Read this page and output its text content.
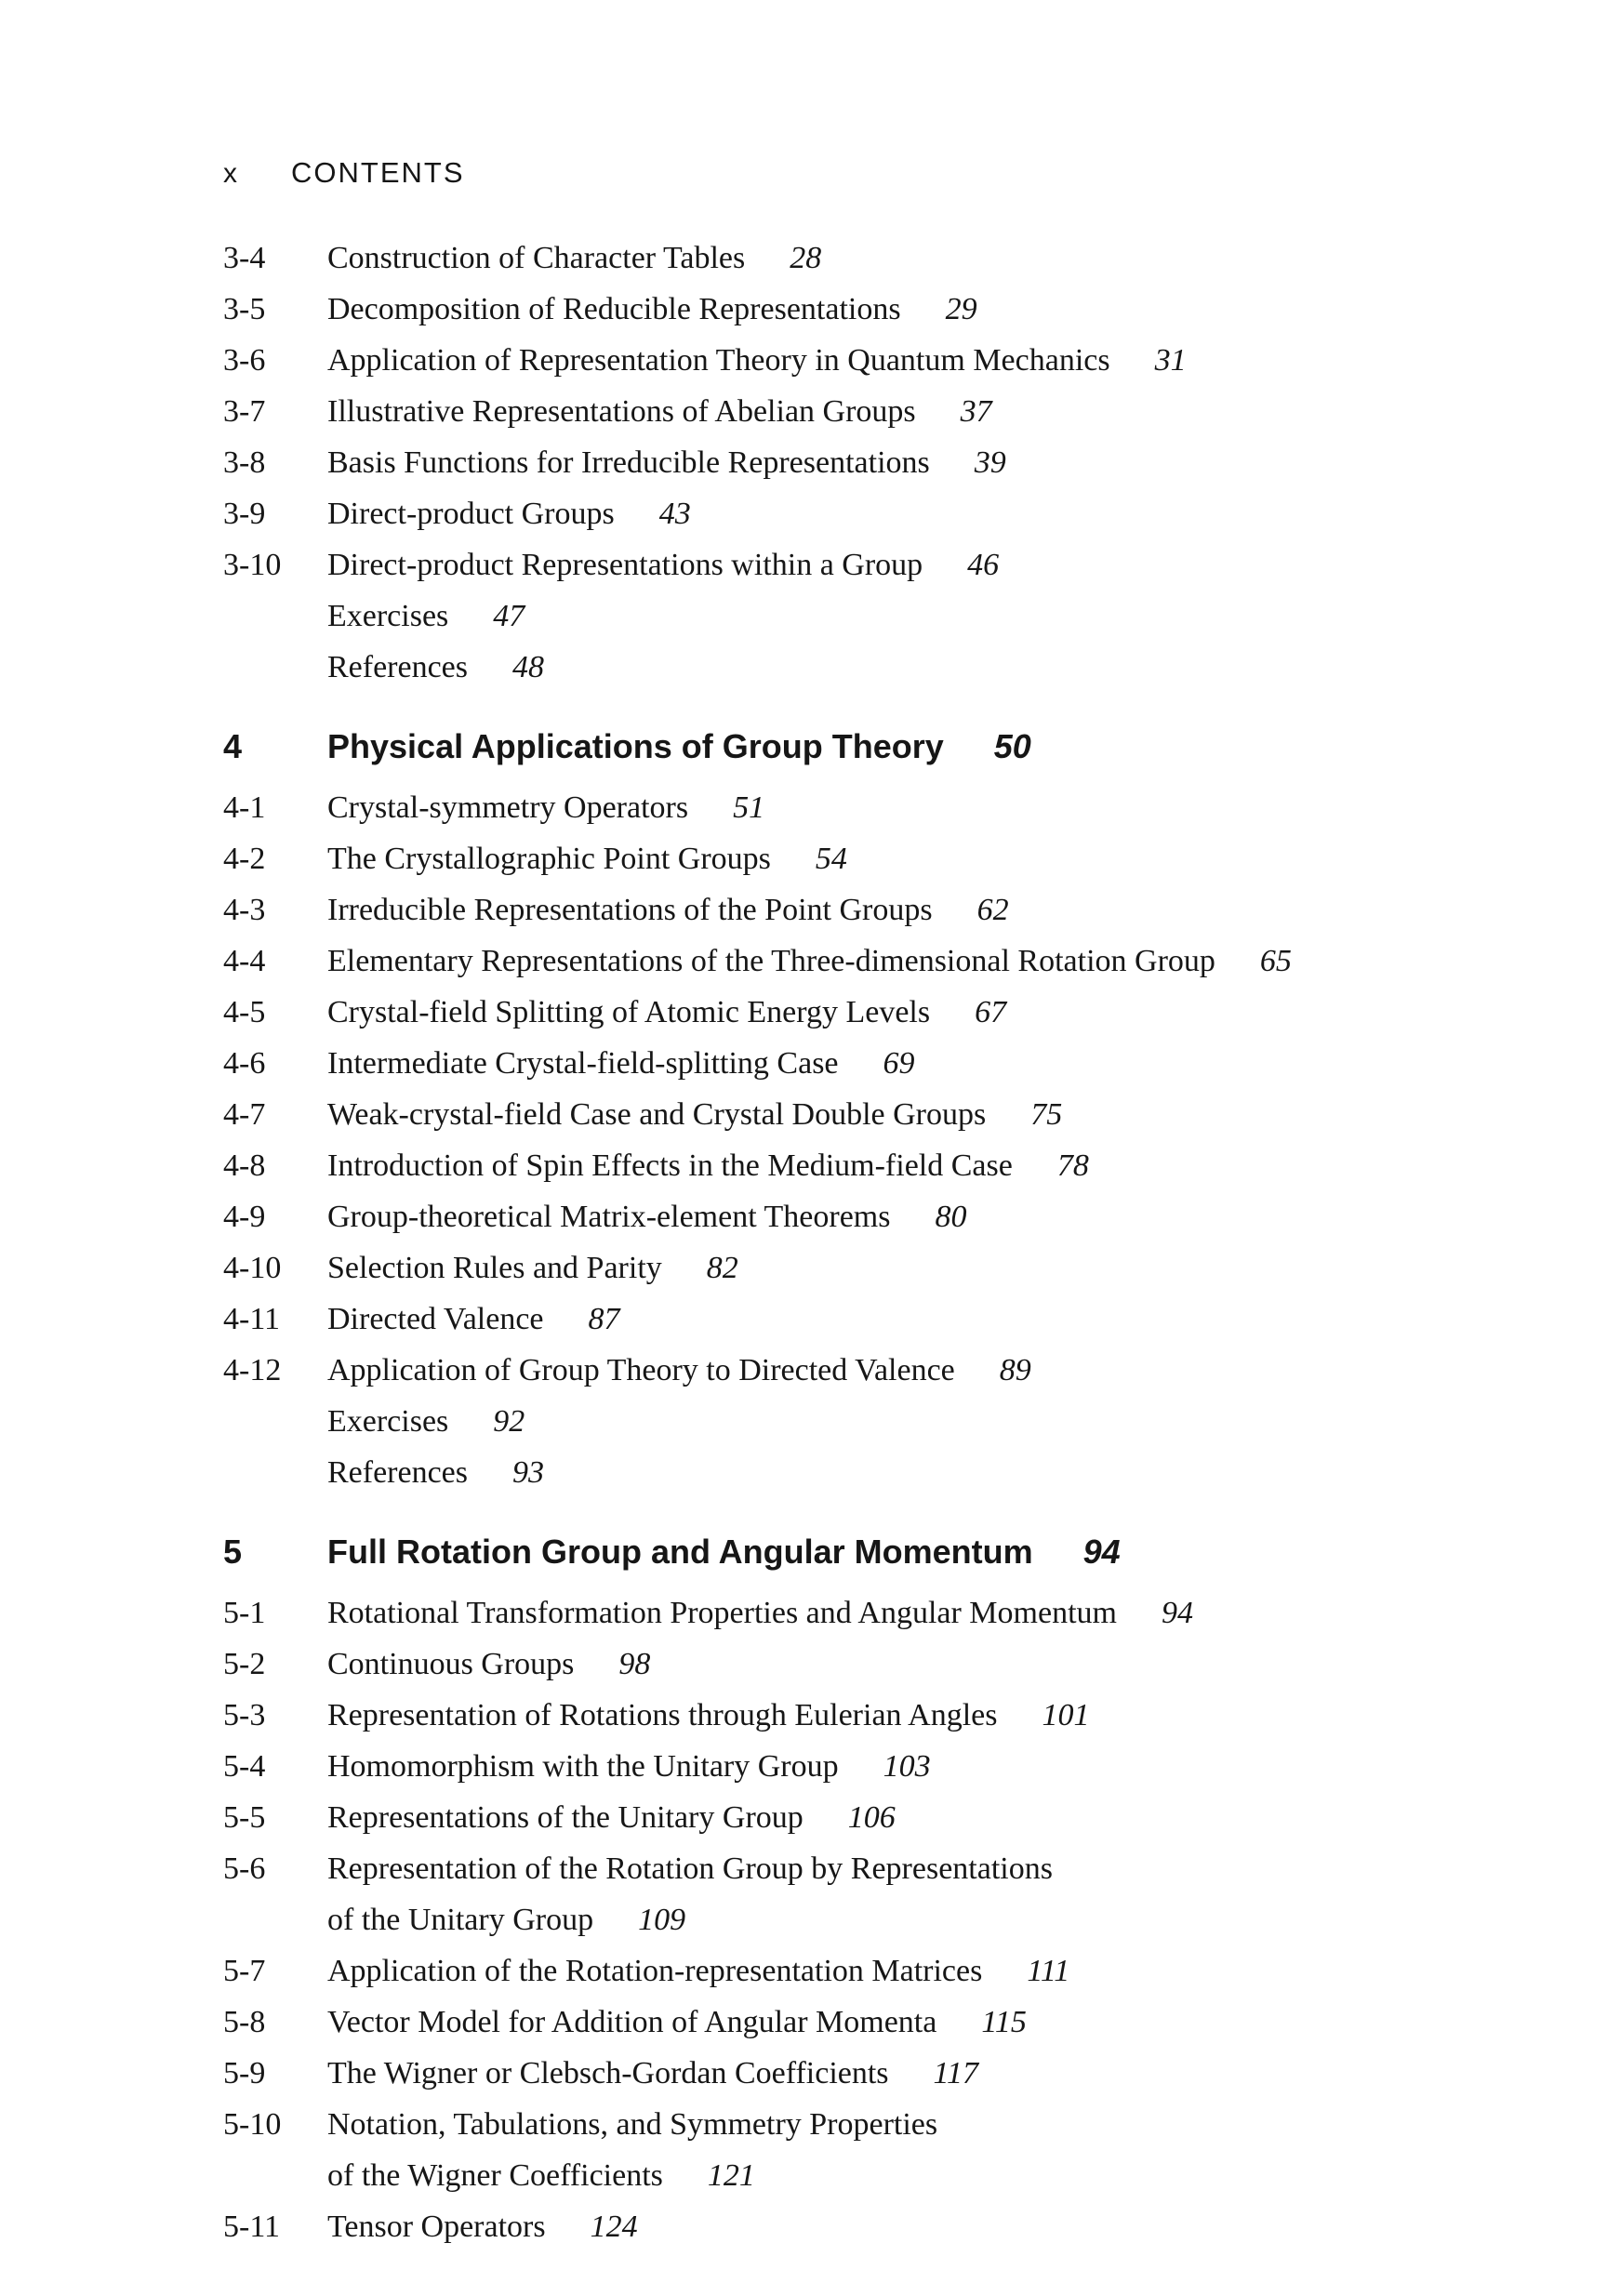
x CONTENTS
3-4	Construction of Character Tables 28
3-5	Decomposition of Reducible Representations 29
3-6	Application of Representation Theory in Quantum Mechanics 31
3-7	Illustrative Representations of Abelian Groups 37
3-8	Basis Functions for Irreducible Representations 39
3-9	Direct-product Groups 43
3-10	Direct-product Representations within a Group 46
Exercises 47
References 48
4	Physical Applications of Group Theory 50
4-1	Crystal-symmetry Operators 51
4-2	The Crystallographic Point Groups 54
4-3	Irreducible Representations of the Point Groups 62
4-4	Elementary Representations of the Three-dimensional Rotation Group 65
4-5	Crystal-field Splitting of Atomic Energy Levels 67
4-6	Intermediate Crystal-field-splitting Case 69
4-7	Weak-crystal-field Case and Crystal Double Groups 75
4-8	Introduction of Spin Effects in the Medium-field Case 78
4-9	Group-theoretical Matrix-element Theorems 80
4-10	Selection Rules and Parity 82
4-11	Directed Valence 87
4-12	Application of Group Theory to Directed Valence 89
Exercises 92
References 93
5	Full Rotation Group and Angular Momentum 94
5-1	Rotational Transformation Properties and Angular Momentum 94
5-2	Continuous Groups 98
5-3	Representation of Rotations through Eulerian Angles 101
5-4	Homomorphism with the Unitary Group 103
5-5	Representations of the Unitary Group 106
5-6	Representation of the Rotation Group by Representations
of the Unitary Group 109
5-7	Application of the Rotation-representation Matrices 111
5-8	Vector Model for Addition of Angular Momenta 115
5-9	The Wigner or Clebsch-Gordan Coefficients 117
5-10	Notation, Tabulations, and Symmetry Properties
of the Wigner Coefficients 121
5-11	Tensor Operators 124
